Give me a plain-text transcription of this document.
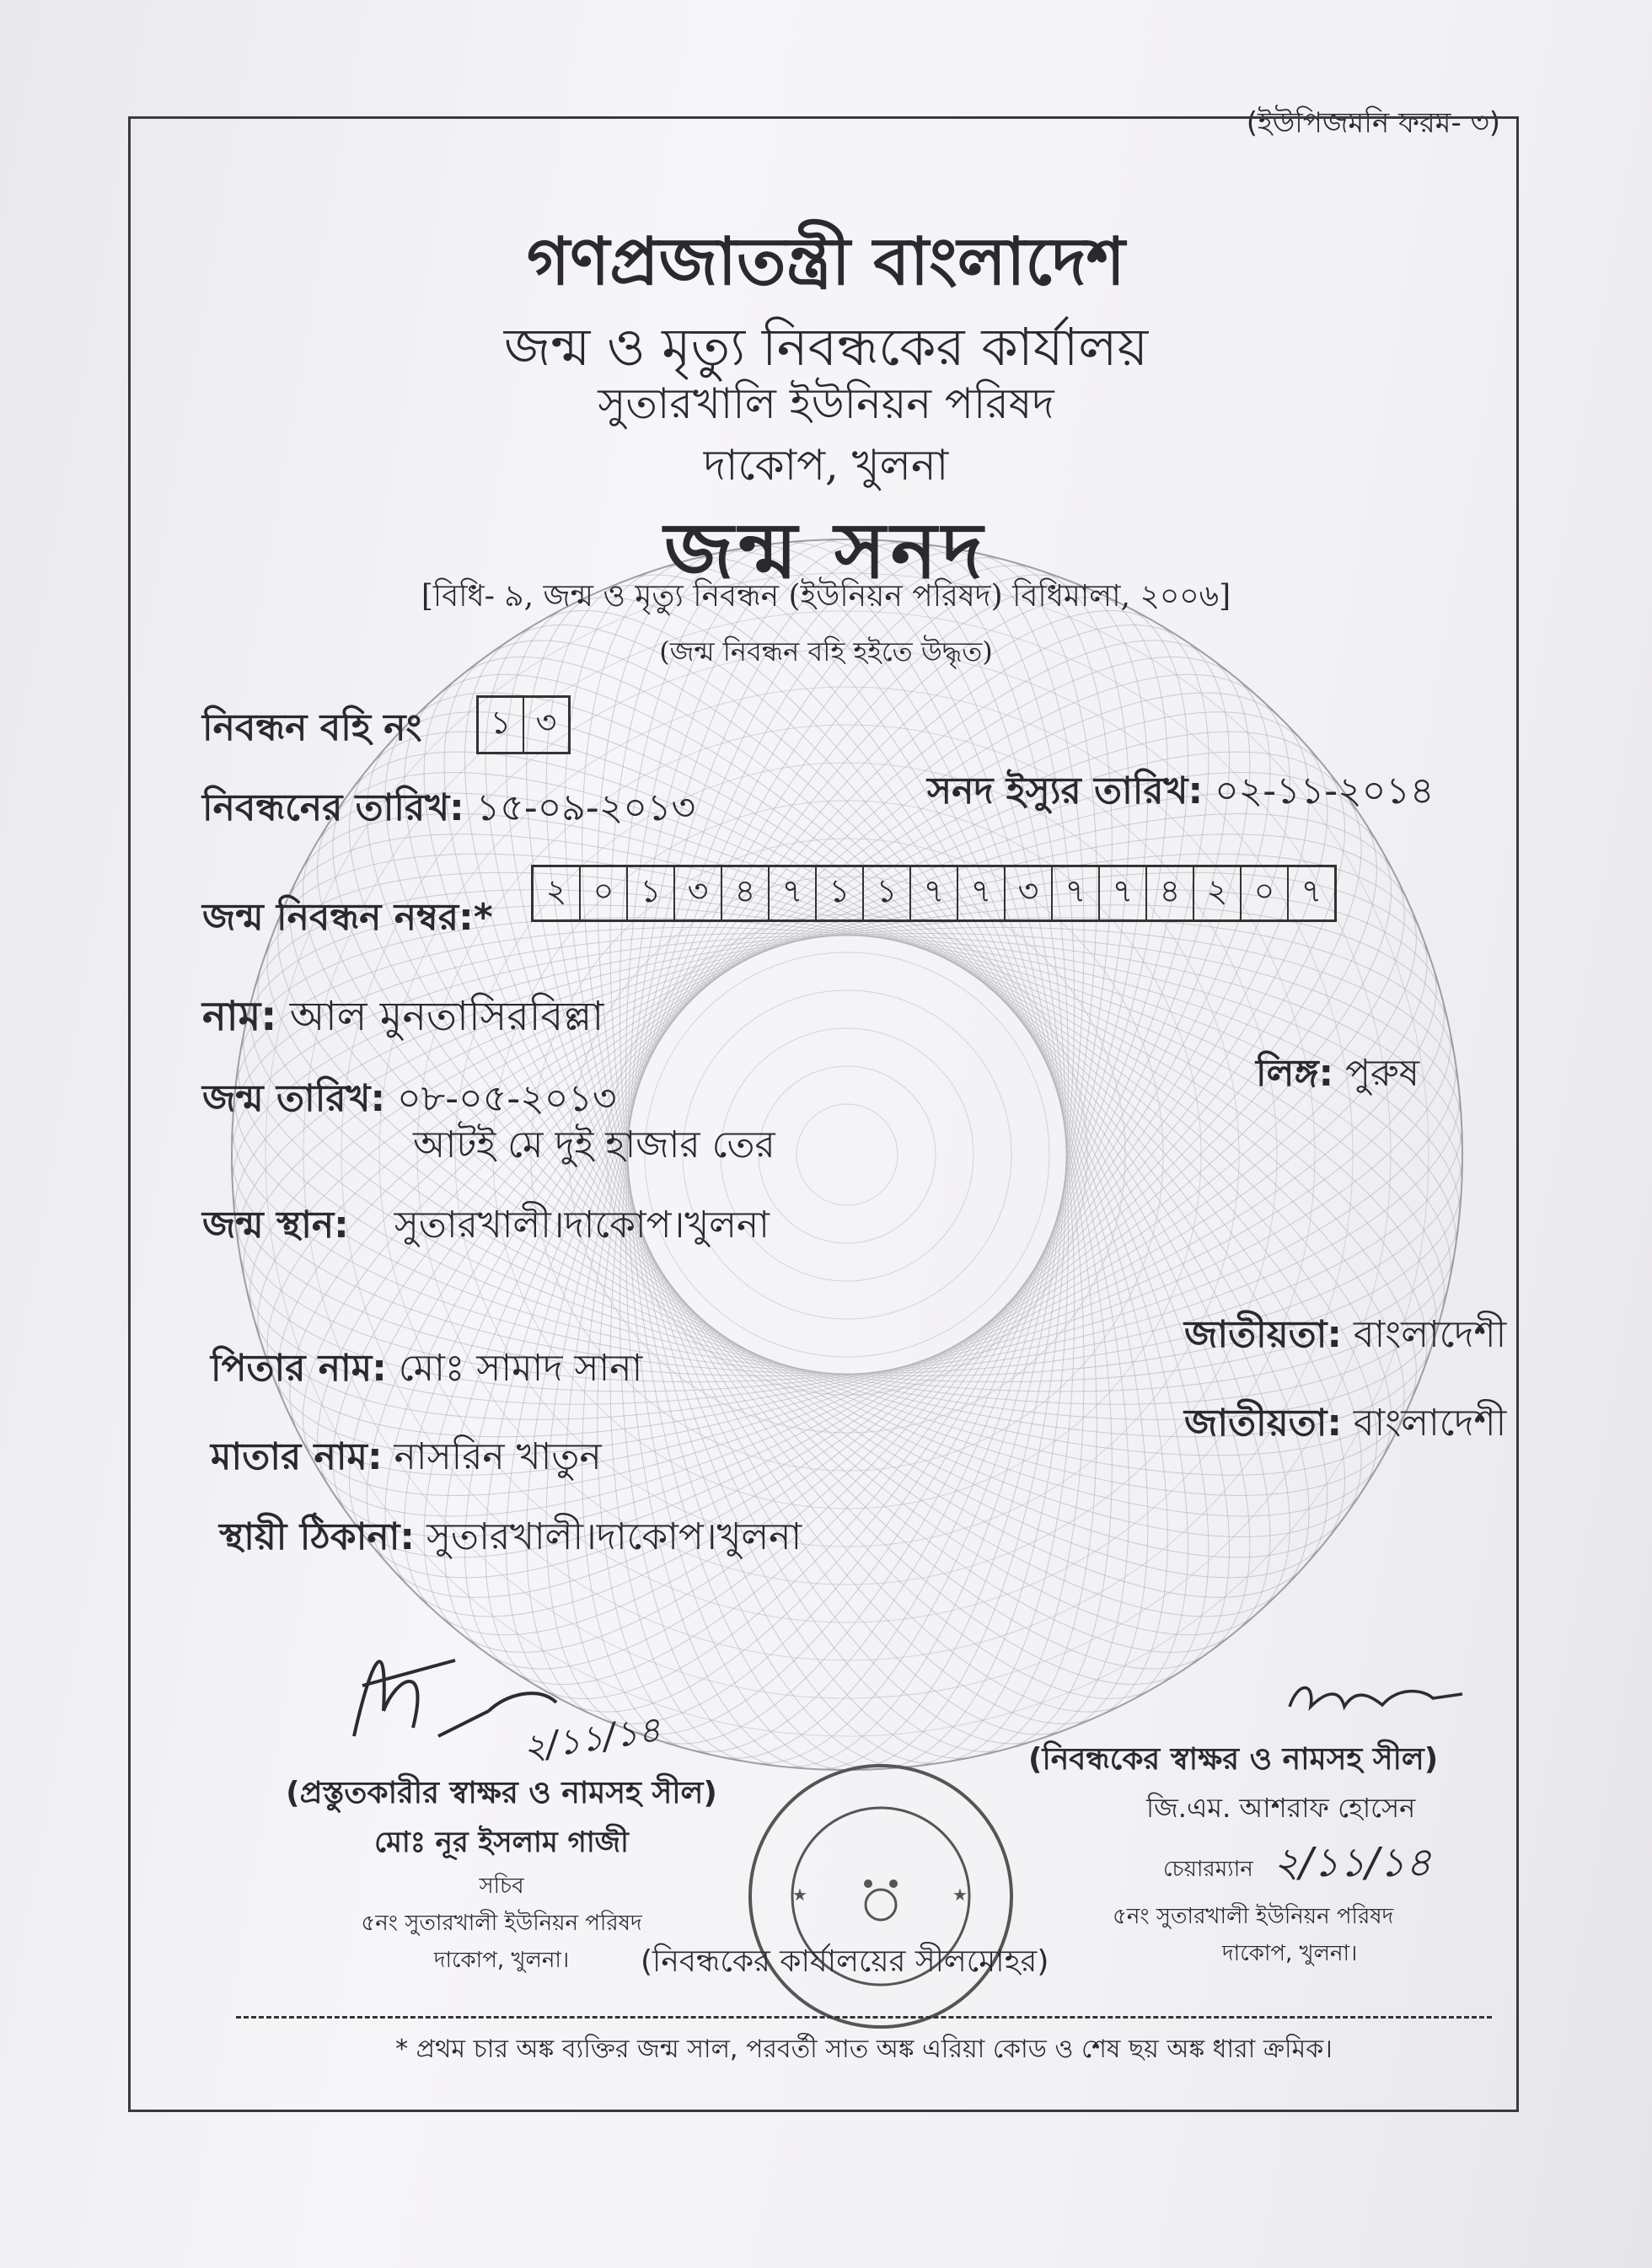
(ইউপিজমনি ফরম- ৩)
গণপ্রজাতন্ত্রী বাংলাদেশ
জন্ম ও মৃত্যু নিবন্ধকের কার্যালয়
সুতারখালি ইউনিয়ন পরিষদ
দাকোপ, খুলনা
জন্ম সনদ
[বিধি- ৯, জন্ম ও মৃত্যু নিবন্ধন (ইউনিয়ন পরিষদ) বিধিমালা, ২০০৬]
(জন্ম নিবন্ধন বহি হইতে উদ্ধৃত)
নিবন্ধন বহি নং	১ ৩
নিবন্ধনের তারিখ: ১৫-০৯-২০১৩	সনদ ইস্যুর তারিখ: ০২-১১-২০১৪
জন্ম নিবন্ধন নম্বর:*
২ ০ ১ ৩ ৪ ৭ ১ ১ ৭ ৭ ৩ ৭ ৭ ৪ ২ ০ ৭
নাম: আল মুনতাসিরবিল্লা
জন্ম তারিখ: ০৮-০৫-২০১৩
আটই মে দুই হাজার তের
লিঙ্গ: পুরুষ
জন্ম স্থান: সুতারখালী।দাকোপ।খুলনা
পিতার নাম: মোঃ সামাদ সানা
জাতীয়তা: বাংলাদেশী
মাতার নাম: নাসরিন খাতুন
জাতীয়তা: বাংলাদেশী
স্থায়ী ঠিকানা: সুতারখালী।দাকোপ।খুলনা
২/১১/১৪
(প্রস্তুতকারীর স্বাক্ষর ও নামসহ সীল)
মোঃ নূর ইসলাম গাজী
সচিব
৫নং সুতারখালী ইউনিয়ন পরিষদ
দাকোপ, খুলনা।
(নিবন্ধকের স্বাক্ষর ও নামসহ সীল)
জি.এম. আশরাফ হোসেন
চেয়ারম্যান ২/১১/১৪
৫নং সুতারখালী ইউনিয়ন পরিষদ
দাকোপ, খুলনা।
★	★
(নিবন্ধকের কার্যালয়ের সীলমোহর)
* প্রথম চার অঙ্ক ব্যক্তির জন্ম সাল, পরবর্তী সাত অঙ্ক এরিয়া কোড ও শেষ ছয় অঙ্ক ধারা ক্রমিক।
